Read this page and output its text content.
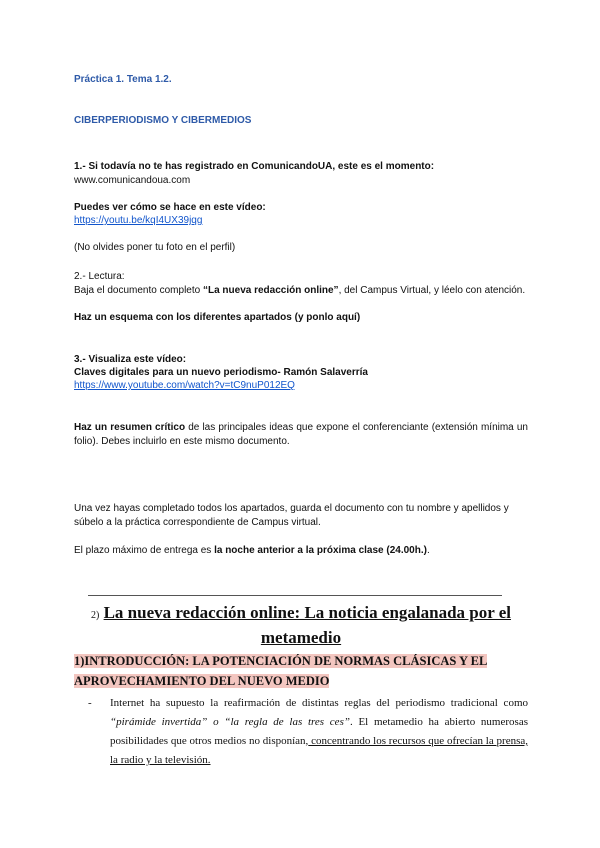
Práctica 1. Tema 1.2.
CIBERPERIODISMO Y CIBERMEDIOS
1.- Si todavía no te has registrado en ComunicandoUA, este es el momento:
www.comunicandoua.com
Puedes ver cómo se hace en este vídeo:
https://youtu.be/kqI4UX39jqg
(No olvides poner tu foto en el perfil)
2.- Lectura:
Baja el documento completo “La nueva redacción online”, del Campus Virtual, y léelo con atención.
Haz un esquema con los diferentes apartados (y ponlo aquí)
3.- Visualiza este vídeo:
Claves digitales para un nuevo periodismo- Ramón Salaverría
https://www.youtube.com/watch?v=tC9nuP012EQ
Haz un resumen crítico de las principales ideas que expone el conferenciante (extensión mínima un folio). Debes incluirlo en este mismo documento.
Una vez hayas completado todos los apartados, guarda el documento con tu nombre y apellidos y súbelo a la práctica correspondiente de Campus virtual.
El plazo máximo de entrega es la noche anterior a la próxima clase (24.00h.).
2) La nueva redacción online: La noticia engalanada por el metamedio
1)INTRODUCCIÓN: LA POTENCIACIÓN DE NORMAS CLÁSICAS Y EL APROVECHAMIENTO DEL NUEVO MEDIO
- Internet ha supuesto la reafirmación de distintas reglas del periodismo tradicional como “pirámide invertida” o “la regla de las tres ces”. El metamedio ha abierto numerosas posibilidades que otros medios no disponían, concentrando los recursos que ofrecían la prensa, la radio y la televisión.
